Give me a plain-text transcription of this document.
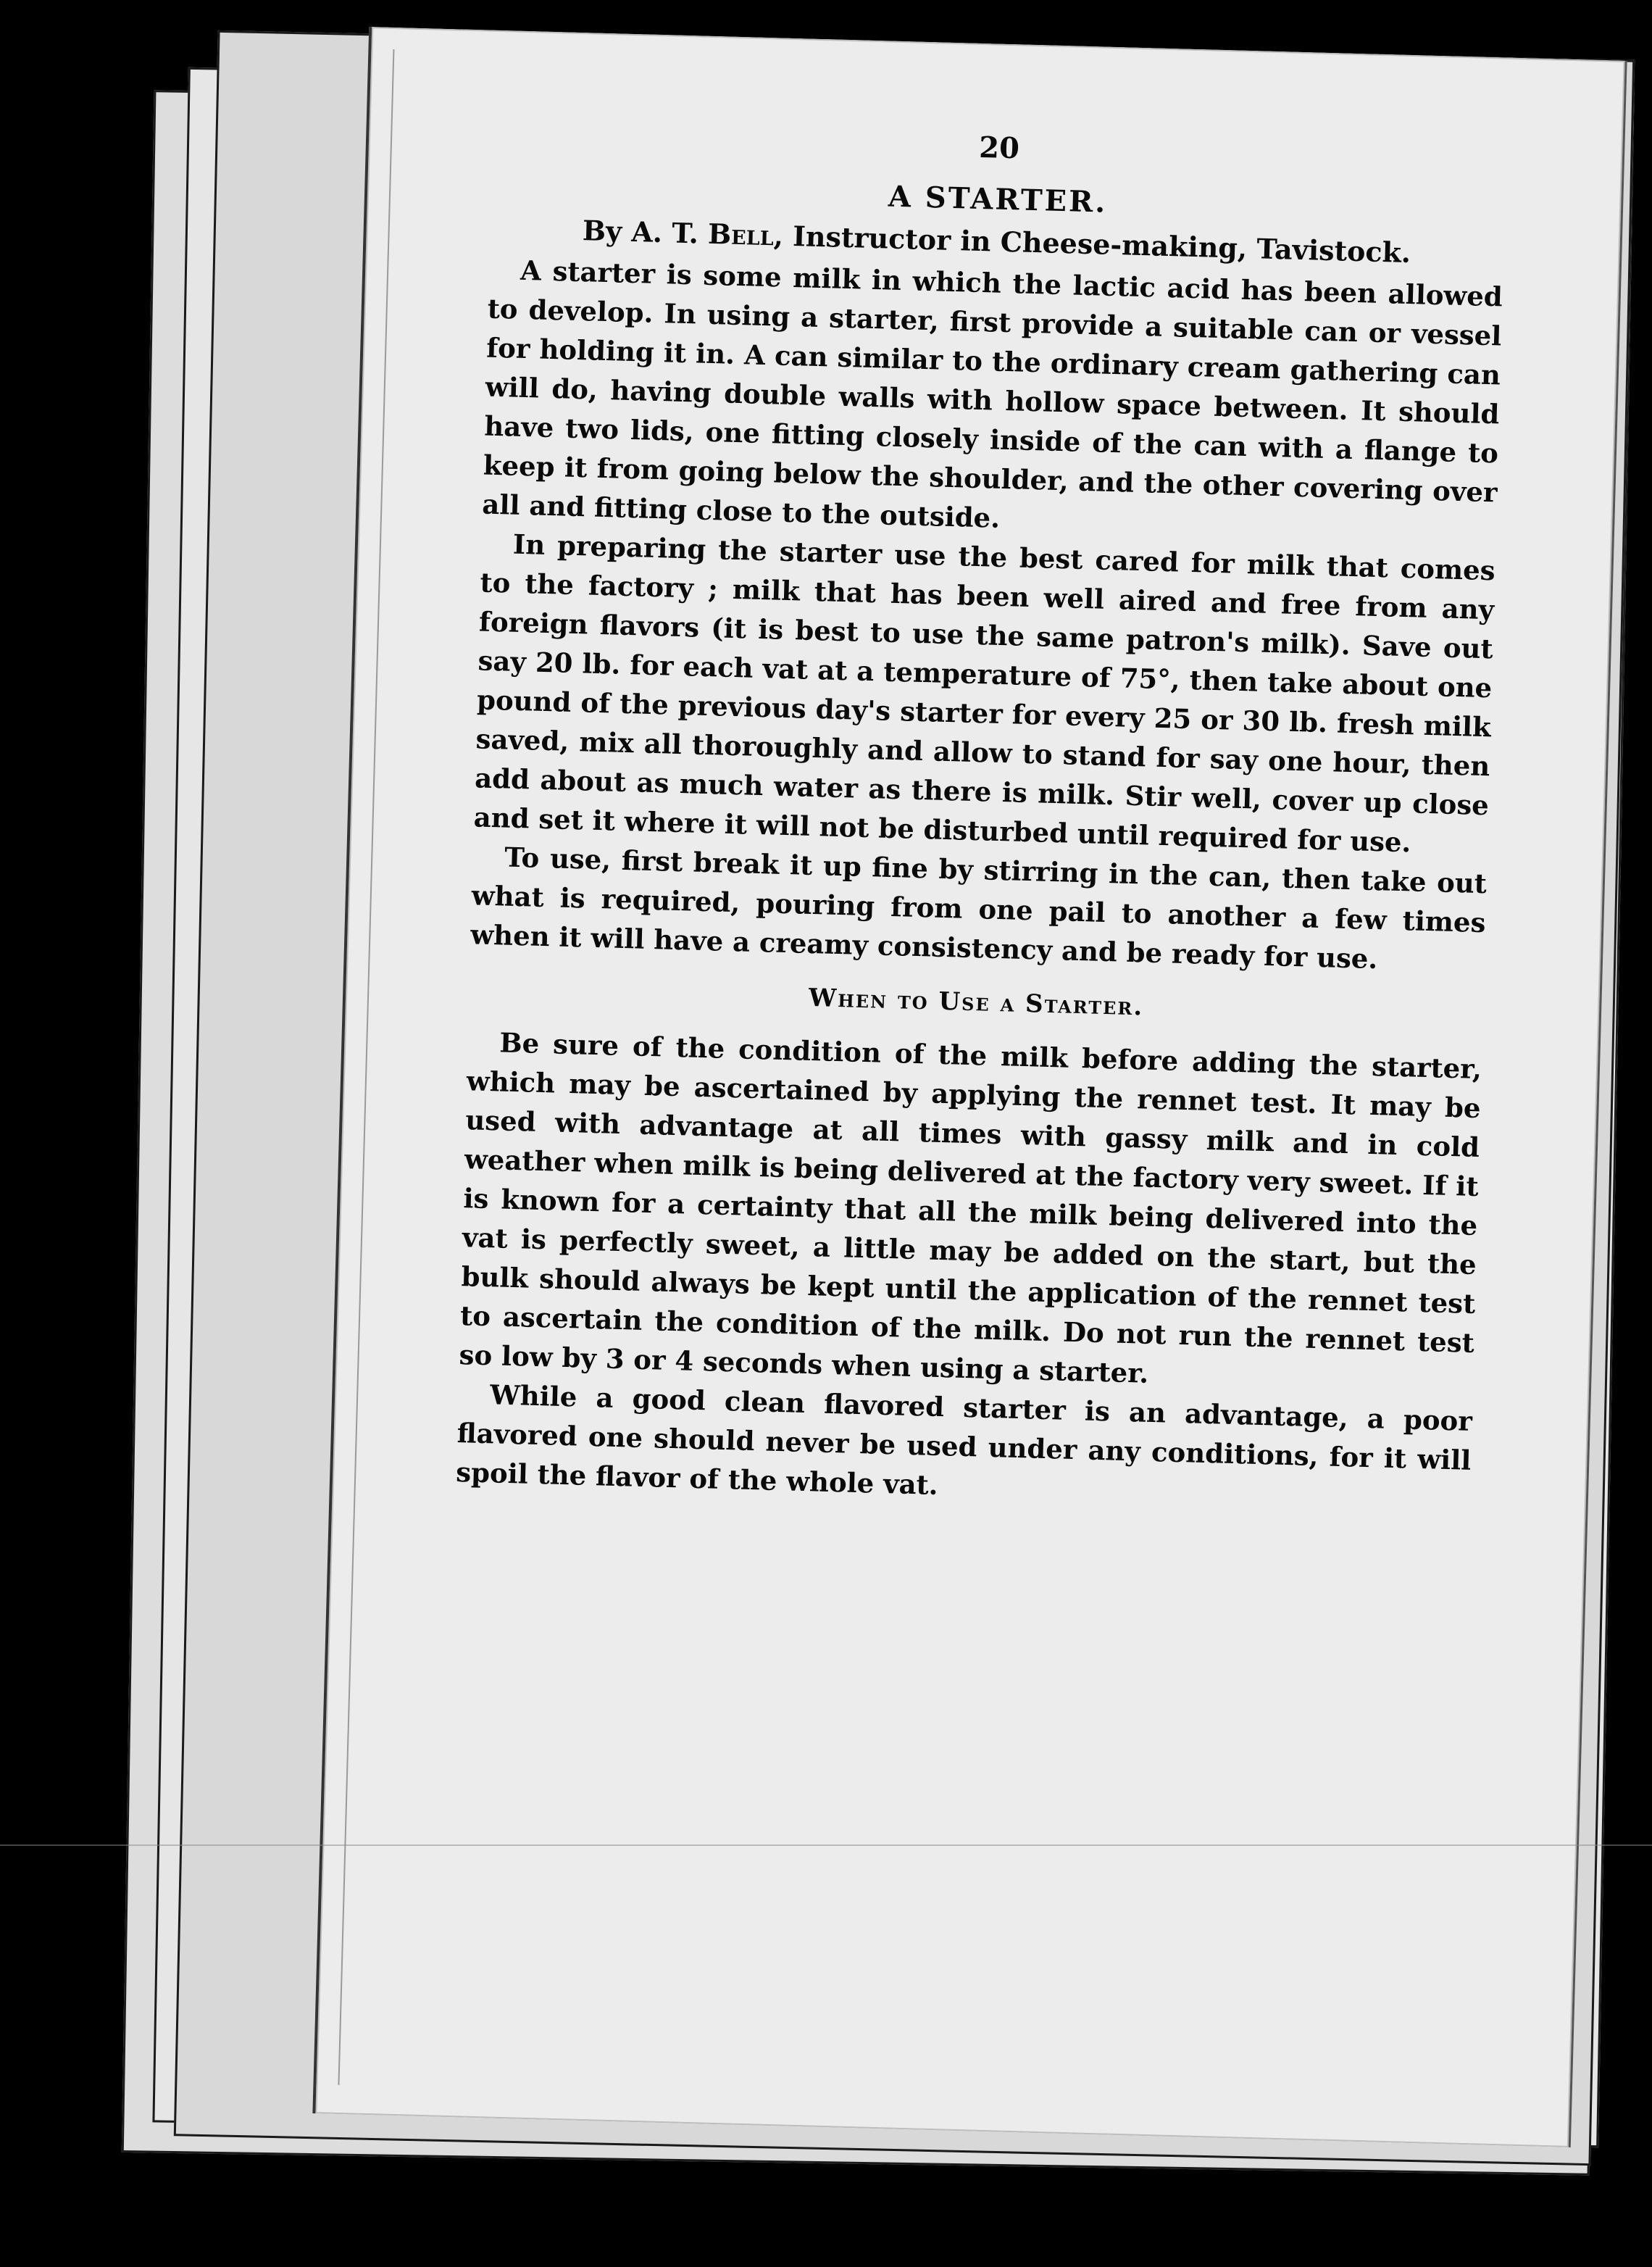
20
A STARTER.
By A. T. Bell, Instructor in Cheese-making, Tavistock.

A starter is some milk in which the lactic acid has been allowed to develop. In using a starter, first provide a suitable can or vessel for holding it in. A can similar to the ordinary cream gathering can will do, having double walls with hollow space between. It should have two lids, one fitting closely inside of the can with a flange to keep it from going below the shoulder, and the other covering over all and fitting close to the outside.

In preparing the starter use the best cared for milk that comes to the factory ; milk that has been well aired and free from any foreign flavors (it is best to use the same patron's milk). Save out say 20 lb. for each vat at a temperature of 75°, then take about one pound of the previous day's starter for every 25 or 30 lb. fresh milk saved, mix all thoroughly and allow to stand for say one hour, then add about as much water as there is milk. Stir well, cover up close and set it where it will not be disturbed until required for use.

To use, first break it up fine by stirring in the can, then take out what is required, pouring from one pail to another a few times when it will have a creamy consistency and be ready for use.

When to Use a Starter.

Be sure of the condition of the milk before adding the starter, which may be ascertained by applying the rennet test. It may be used with advantage at all times with gassy milk and in cold weather when milk is being delivered at the factory very sweet. If it is known for a certainty that all the milk being delivered into the vat is perfectly sweet, a little may be added on the start, but the bulk should always be kept until the application of the rennet test to ascertain the condition of the milk. Do not run the rennet test so low by 3 or 4 seconds when using a starter.

While a good clean flavored starter is an advantage, a poor flavored one should never be used under any conditions, for it will spoil the flavor of the whole vat.
